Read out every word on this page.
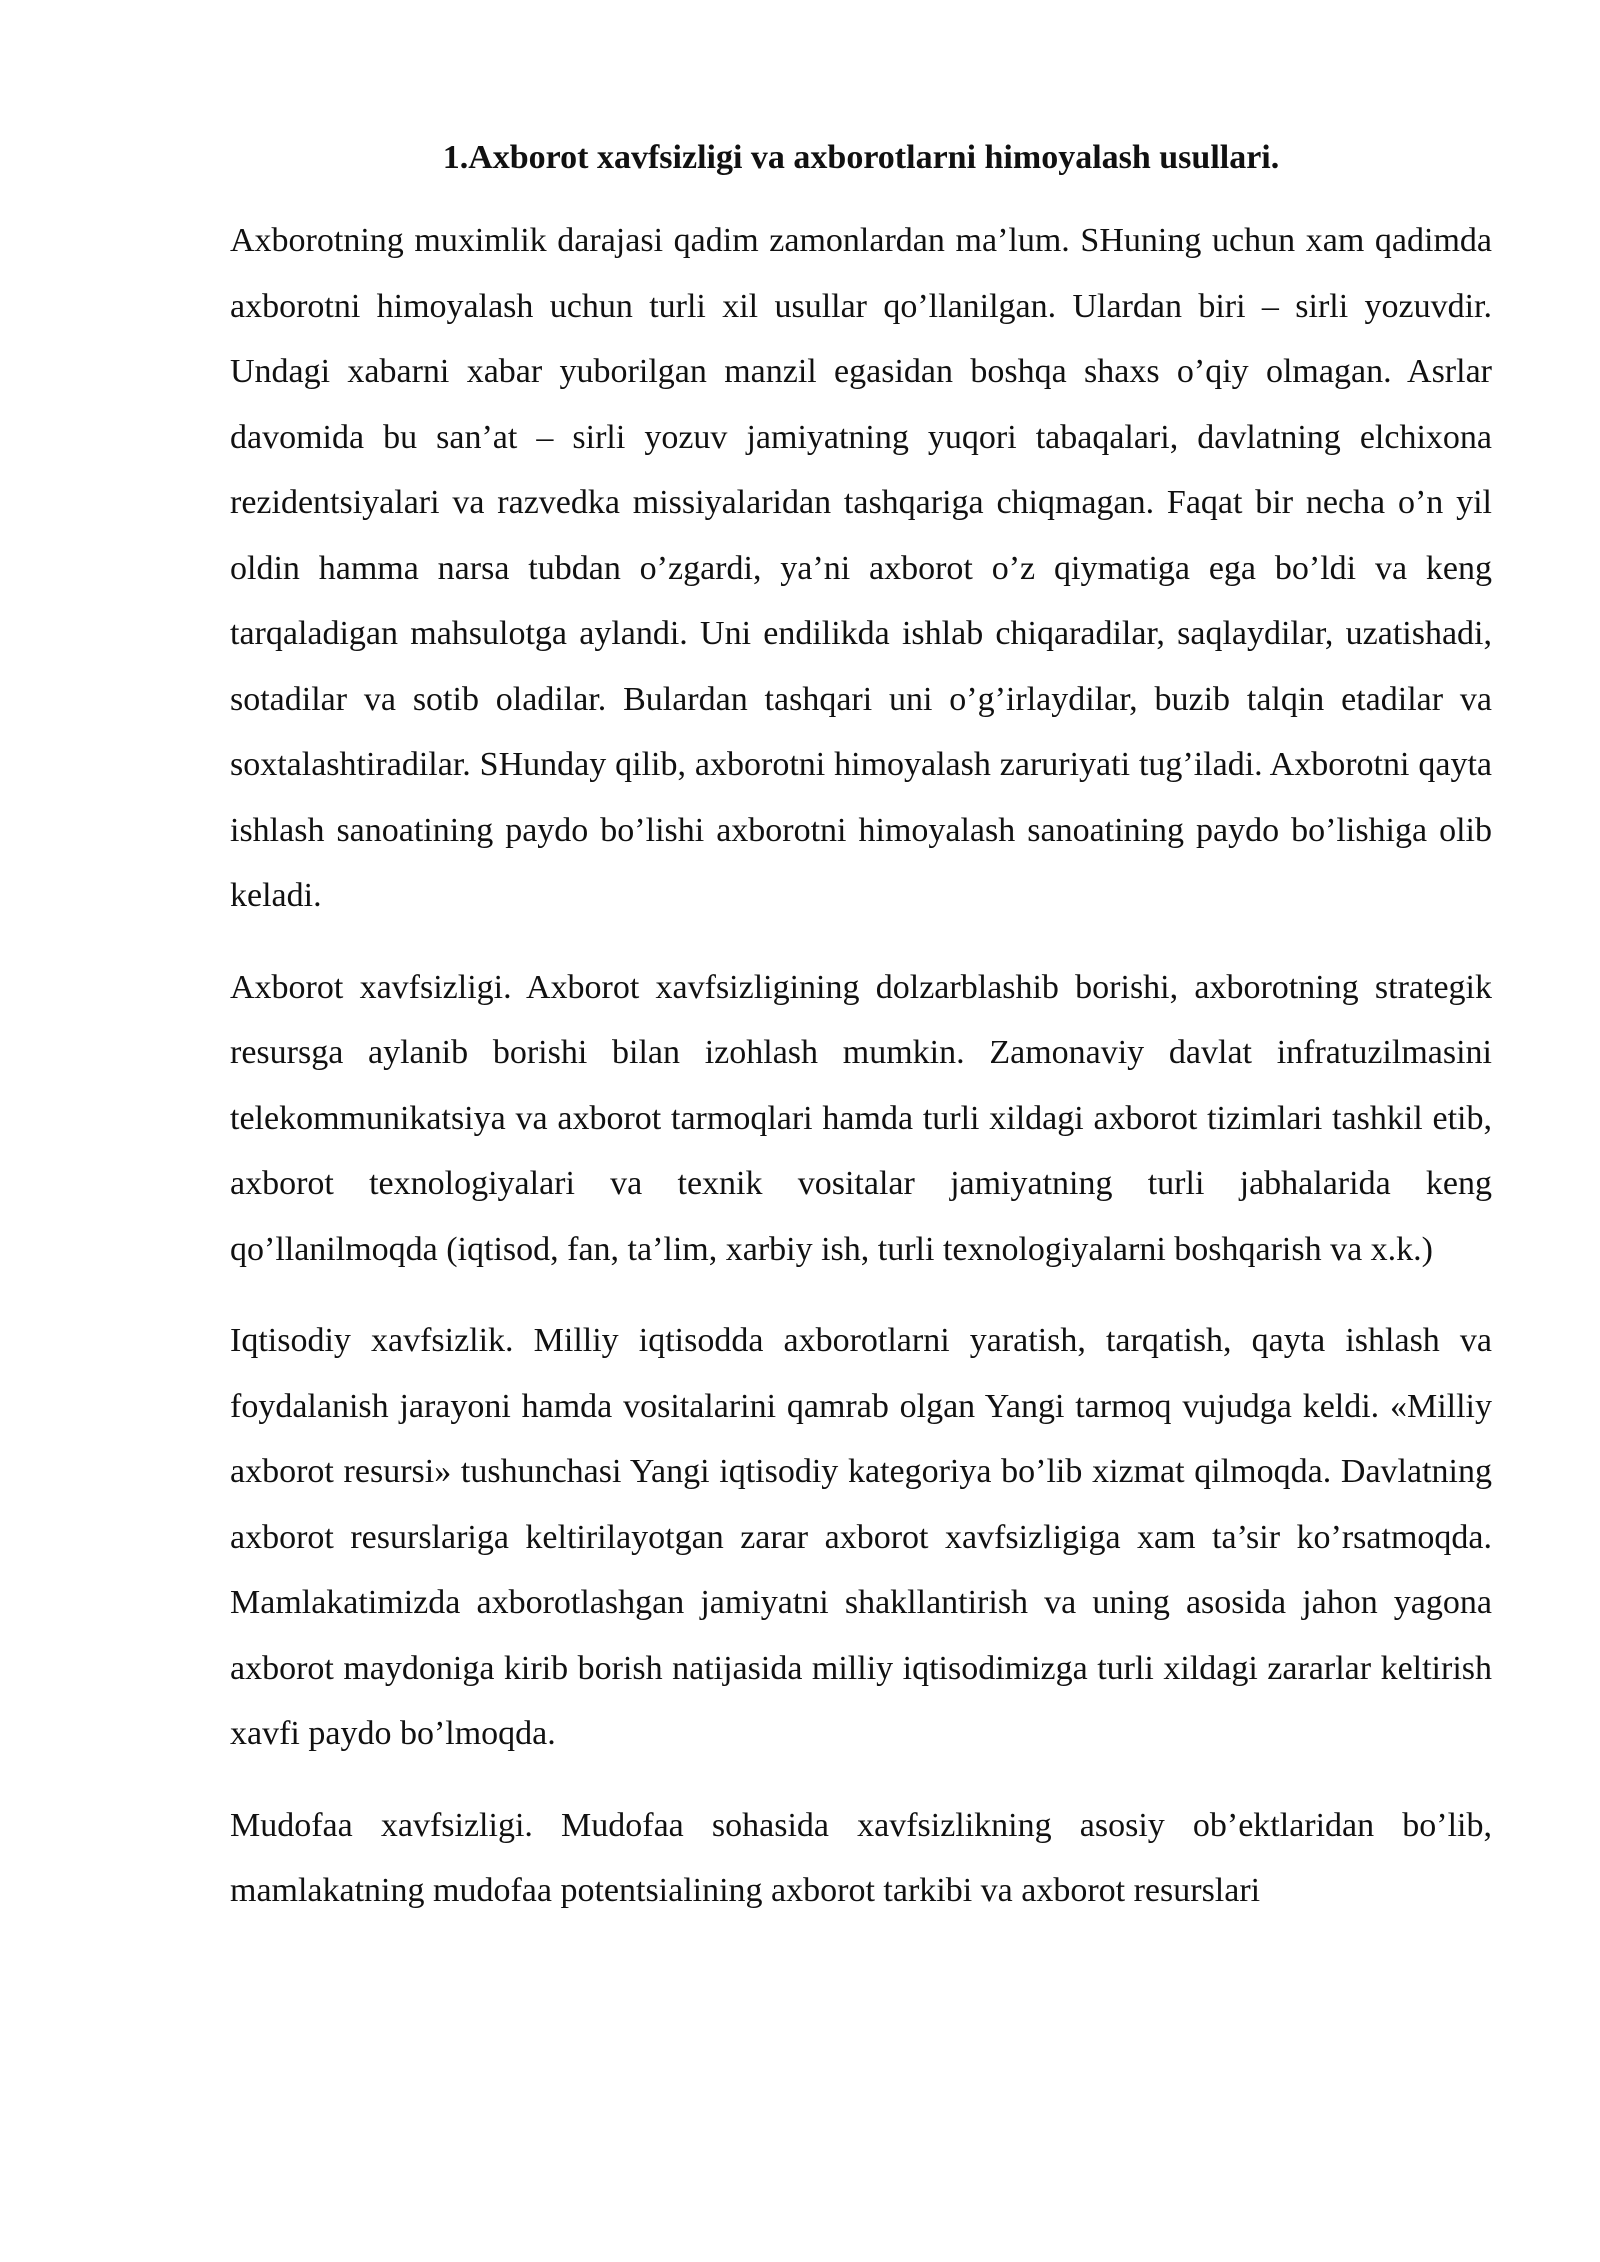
1.Axborot xavfsizligi va axborotlarni himoyalash usullari.

Axborotning muximlik darajasi qadim zamonlardan ma’lum. SHuning uchun xam qadimda axborotni himoyalash uchun turli xil usullar qo’llanilgan. Ulardan biri – sirli yozuvdir. Undagi xabarni xabar yuborilgan manzil egasidan boshqa shaxs o’qiy olmagan. Asrlar davomida bu san’at – sirli yozuv jamiyatning yuqori tabaqalari, davlatning elchixona rezidentsiyalari va razvedka missiyalaridan tashqariga chiqmagan. Faqat bir necha o’n yil oldin hamma narsa tubdan o’zgardi, ya’ni axborot o’z qiymatiga ega bo’ldi va keng tarqaladigan mahsulotga aylandi. Uni endilikda ishlab chiqaradilar, saqlaydilar, uzatishadi, sotadilar va sotib oladilar. Bulardan tashqari uni o’g’irlaydilar, buzib talqin etadilar va soxtalashtiradilar. SHunday qilib, axborotni himoyalash zaruriyati tug’iladi. Axborotni qayta ishlash sanoatining paydo bo’lishi axborotni himoyalash sanoatining paydo bo’lishiga olib keladi.

Axborot xavfsizligi. Axborot xavfsizligining dolzarblashib borishi, axborotning strategik resursga aylanib borishi bilan izohlash mumkin. Zamonaviy davlat infratuzilmasini telekommunikatsiya va axborot tarmoqlari hamda turli xildagi axborot tizimlari tashkil etib, axborot texnologiyalari va texnik vositalar jamiyatning turli jabhalarida keng qo’llanilmoqda (iqtisod, fan, ta’lim, xarbiy ish, turli texnologiyalarni boshqarish va x.k.)

Iqtisodiy xavfsizlik. Milliy iqtisodda axborotlarni yaratish, tarqatish, qayta ishlash va foydalanish jarayoni hamda vositalarini qamrab olgan Yangi tarmoq vujudga keldi. «Milliy axborot resursi» tushunchasi Yangi iqtisodiy kategoriya bo’lib xizmat qilmoqda. Davlatning axborot resurslariga keltirilayotgan zarar axborot xavfsizligiga xam ta’sir ko’rsatmoqda. Mamlakatimizda axborotlashgan jamiyatni shakllantirish va uning asosida jahon yagona axborot maydoniga kirib borish natijasida milliy iqtisodimizga turli xildagi zararlar keltirish xavfi paydo bo’lmoqda.

Mudofaa xavfsizligi. Mudofaa sohasida xavfsizlikning asosiy ob’ektlaridan bo’lib, mamlakatning mudofaa potentsialining axborot tarkibi va axborot resurslari
